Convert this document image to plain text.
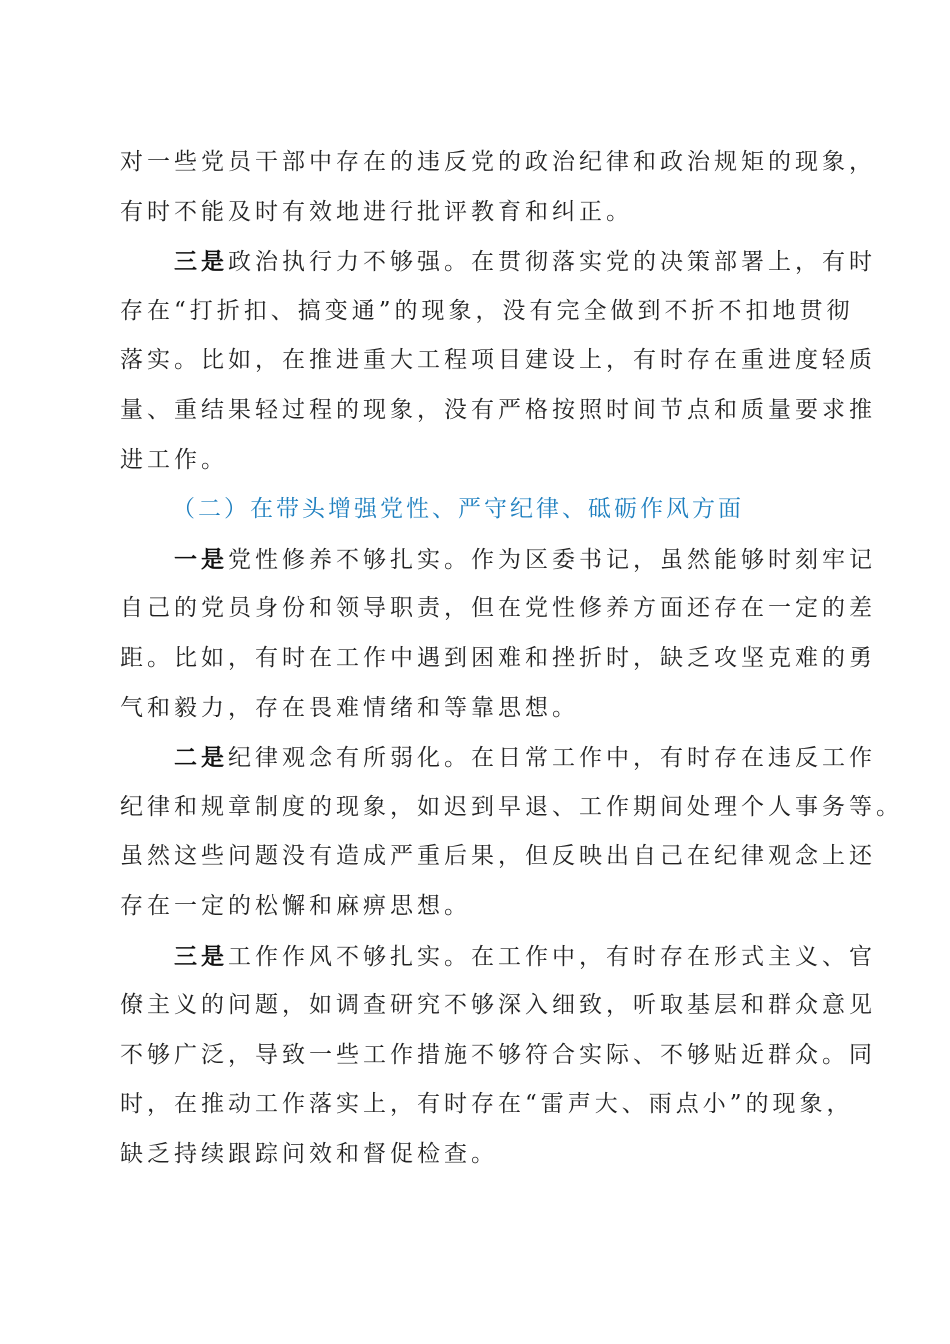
对一些党员干部中存在的违反党的政治纪律和政治规矩的现象，
有时不能及时有效地进行批评教育和纠正。
三是政治执行力不够强。在贯彻落实党的决策部署上，有时
存在“打折扣、搞变通”的现象，没有完全做到不折不扣地贯彻
落实。比如，在推进重大工程项目建设上，有时存在重进度轻质
量、重结果轻过程的现象，没有严格按照时间节点和质量要求推
进工作。
（二）在带头增强党性、严守纪律、砥砺作风方面
一是党性修养不够扎实。作为区委书记，虽然能够时刻牢记
自己的党员身份和领导职责，但在党性修养方面还存在一定的差
距。比如，有时在工作中遇到困难和挫折时，缺乏攻坚克难的勇
气和毅力，存在畏难情绪和等靠思想。
二是纪律观念有所弱化。在日常工作中，有时存在违反工作
纪律和规章制度的现象，如迟到早退、工作期间处理个人事务等。
虽然这些问题没有造成严重后果，但反映出自己在纪律观念上还
存在一定的松懈和麻痹思想。
三是工作作风不够扎实。在工作中，有时存在形式主义、官
僚主义的问题，如调查研究不够深入细致，听取基层和群众意见
不够广泛，导致一些工作措施不够符合实际、不够贴近群众。同
时，在推动工作落实上，有时存在“雷声大、雨点小”的现象，
缺乏持续跟踪问效和督促检查。
